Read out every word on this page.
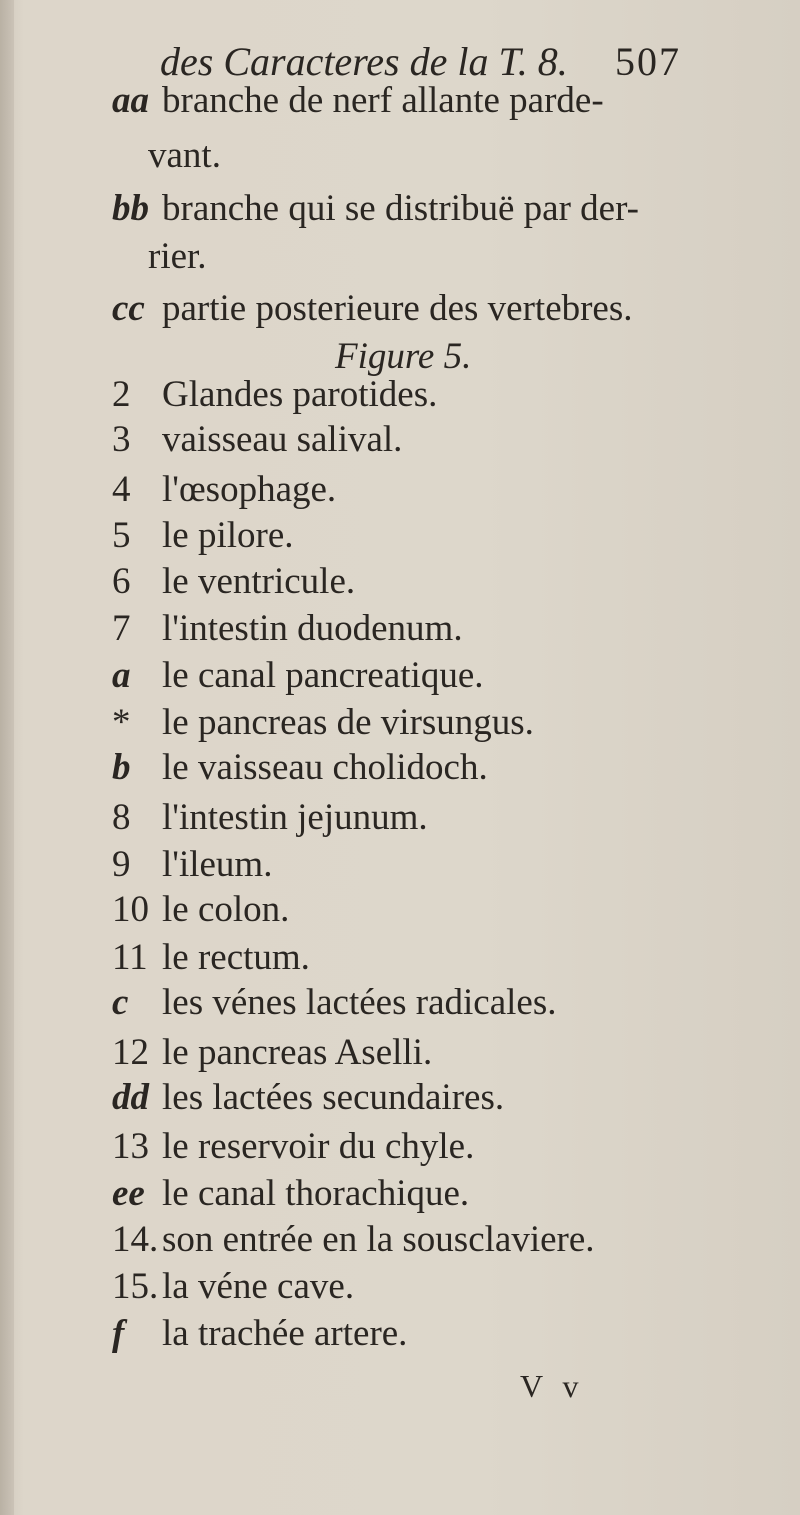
des Caracteres de la T. 8. 507
aa branche de nerf allante parde-
vant.
bb branche qui se distribuë par der-
rier.
cc partie posterieure des vertebres.
Figure 5.
2 Glandes parotides.
3 vaisseau salival.
4 l'œsophage.
5 le pilore.
6 le ventricule.
7 l'intestin duodenum.
a le canal pancreatique.
* le pancreas de virsungus.
b le vaisseau cholidoch.
8 l'intestin jejunum.
9 l'ileum.
10 le colon.
11 le rectum.
c les vénes lactées radicales.
12 le pancreas Aselli.
dd les lactées secundaires.
13 le reservoir du chyle.
ee le canal thorachique.
14. son entrée en la sousclaviere.
15. la véne cave.
f la trachée artere.
V v
